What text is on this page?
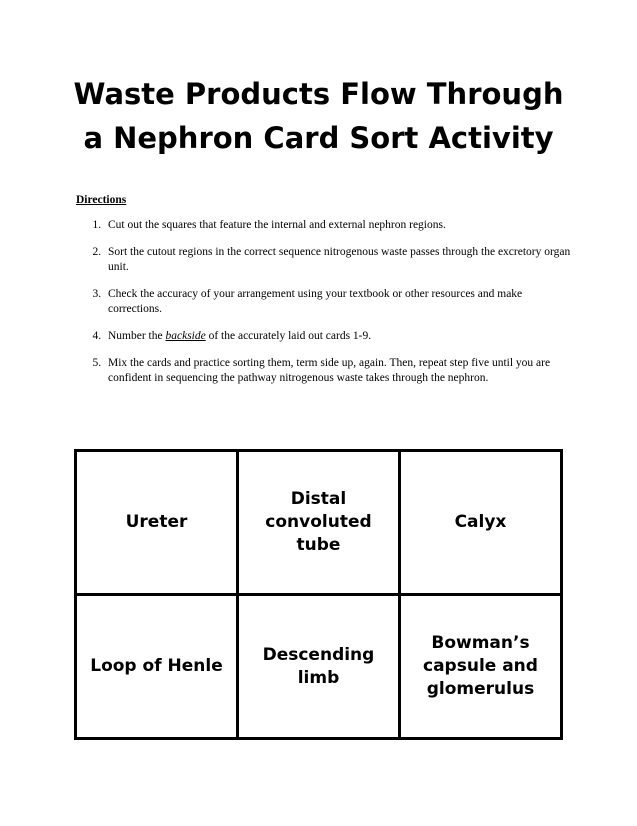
Waste Products Flow Through
a Nephron Card Sort Activity
Directions
1. Cut out the squares that feature the internal and external nephron regions.
2. Sort the cutout regions in the correct sequence nitrogenous waste passes through the excretory organ unit.
3. Check the accuracy of your arrangement using your textbook or other resources and make corrections.
4. Number the backside of the accurately laid out cards 1-9.
5. Mix the cards and practice sorting them, term side up, again. Then, repeat step five until you are confident in sequencing the pathway nitrogenous waste takes through the nephron.
Ureter	Distal convoluted tube	Calyx
Loop of Henle	Descending limb	Bowman’s capsule and glomerulus
